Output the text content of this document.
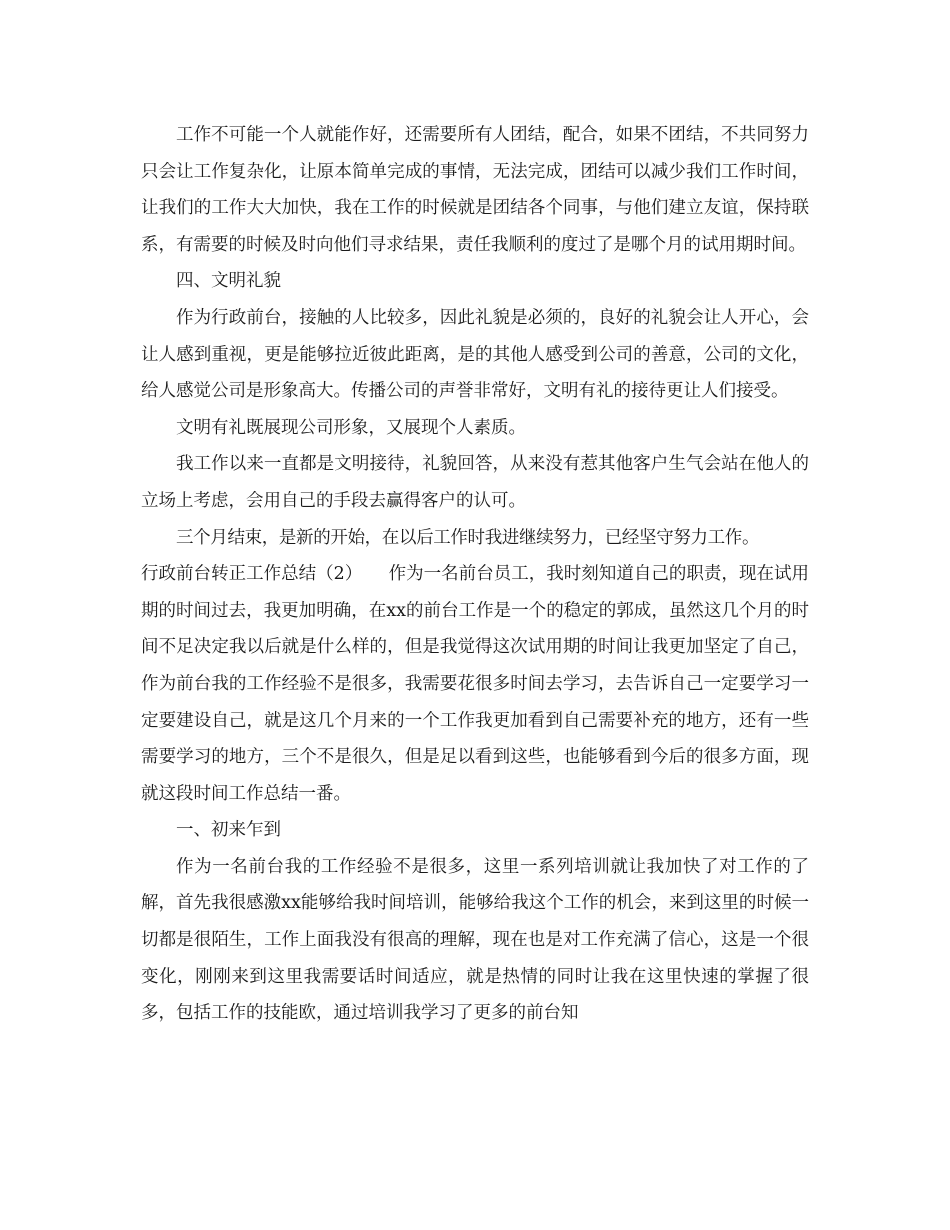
工作不可能一个人就能作好，还需要所有人团结，配合，如果不团结，不共同努力只会让工作复杂化，让原本简单完成的事情，无法完成，团结可以减少我们工作时间，让我们的工作大大加快，我在工作的时候就是团结各个同事，与他们建立友谊，保持联系，有需要的时候及时向他们寻求结果，责任我顺利的度过了是哪个月的试用期时间。

四、文明礼貌

作为行政前台，接触的人比较多，因此礼貌是必须的，良好的礼貌会让人开心，会让人感到重视，更是能够拉近彼此距离，是的其他人感受到公司的善意，公司的文化，给人感觉公司是形象高大。传播公司的声誉非常好，文明有礼的接待更让人们接受。

文明有礼既展现公司形象，又展现个人素质。

我工作以来一直都是文明接待，礼貌回答，从来没有惹其他客户生气会站在他人的立场上考虑，会用自己的手段去赢得客户的认可。

三个月结束，是新的开始，在以后工作时我进继续努力，已经坚守努力工作。

行政前台转正工作总结（2）　　作为一名前台员工，我时刻知道自己的职责，现在试用期的时间过去，我更加明确，在xx的前台工作是一个的稳定的郭成，虽然这几个月的时间不足决定我以后就是什么样的，但是我觉得这次试用期的时间让我更加坚定了自己，作为前台我的工作经验不是很多，我需要花很多时间去学习，去告诉自己一定要学习一定要建设自己，就是这几个月来的一个工作我更加看到自己需要补充的地方，还有一些需要学习的地方，三个不是很久，但是足以看到这些，也能够看到今后的很多方面，现就这段时间工作总结一番。

一、初来乍到

作为一名前台我的工作经验不是很多，这里一系列培训就让我加快了对工作的了解，首先我很感激xx能够给我时间培训，能够给我这个工作的机会，来到这里的时候一切都是很陌生，工作上面我没有很高的理解，现在也是对工作充满了信心，这是一个很变化，刚刚来到这里我需要话时间适应，就是热情的同时让我在这里快速的掌握了很多，包括工作的技能欧，通过培训我学习了更多的前台知
